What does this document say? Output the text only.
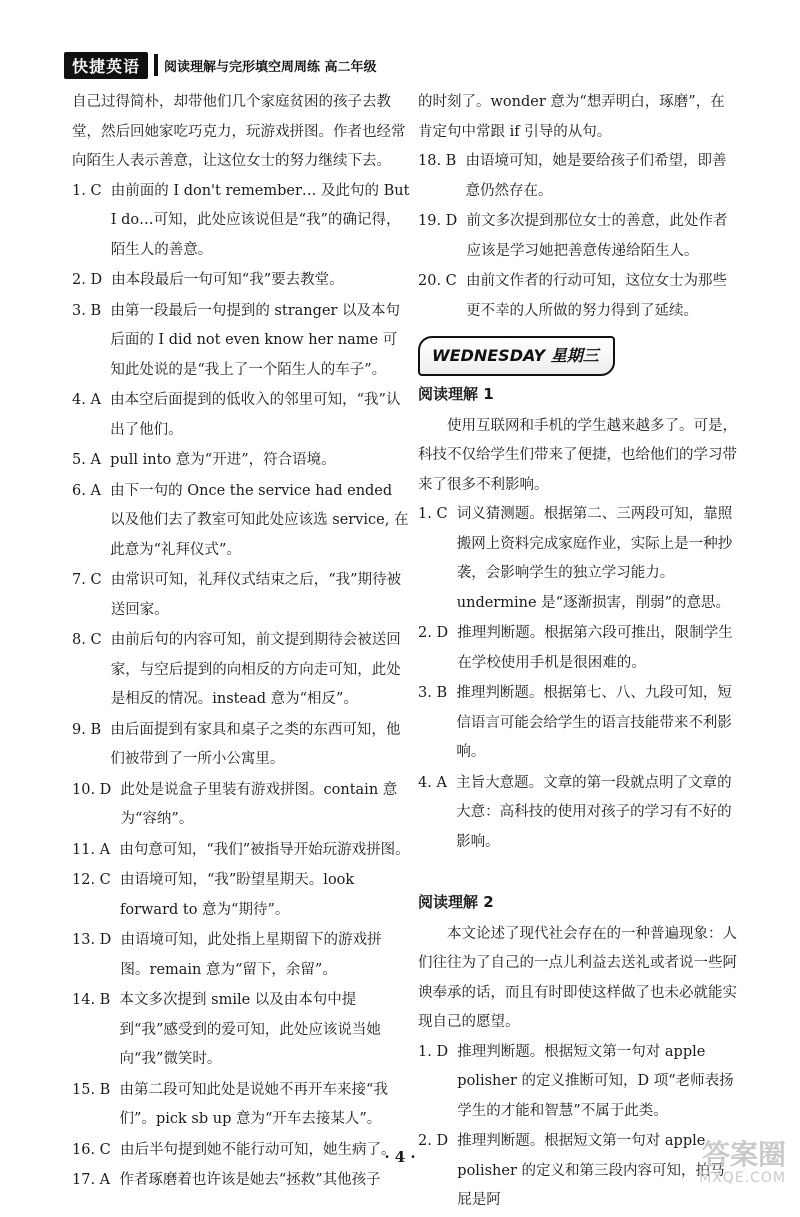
快捷英语	阅读理解与完形填空周周练 高二年级

自己过得简朴，却带他们几个家庭贫困的孩子去教堂，然后回她家吃巧克力，玩游戏拼图。作者也经常向陌生人表示善意，让这位女士的努力继续下去。

1. C
由前面的 I don't remember… 及此句的 But I do…可知，此处应该说但是“我”的确记得，陌生人的善意。
2. D
由本段最后一句可知“我”要去教堂。
3. B
由第一段最后一句提到的 stranger 以及本句后面的 I did not even know her name 可知此处说的是“我上了一个陌生人的车子”。
4. A
由本空后面提到的低收入的邻里可知，“我”认出了他们。
5. A
pull into 意为“开进”，符合语境。
6. A
由下一句的 Once the service had ended 以及他们去了教室可知此处应该选 service, 在此意为“礼拜仪式”。
7. C
由常识可知，礼拜仪式结束之后，“我”期待被送回家。
8. C
由前后句的内容可知，前文提到期待会被送回家，与空后提到的向相反的方向走可知，此处是相反的情况。instead 意为“相反”。
9. B
由后面提到有家具和桌子之类的东西可知，他们被带到了一所小公寓里。
10. D
此处是说盒子里装有游戏拼图。contain 意为“容纳”。
11. A
由句意可知，“我们”被指导开始玩游戏拼图。
12. C
由语境可知，“我”盼望星期天。look forward to 意为“期待”。
13. D
由语境可知，此处指上星期留下的游戏拼图。remain 意为“留下，余留”。
14. B
本文多次提到 smile 以及由本句中提到“我”感受到的爱可知，此处应该说当她向“我”微笑时。
15. B
由第二段可知此处是说她不再开车来接“我们”。pick sb up 意为“开车去接某人”。
16. C
由后半句提到她不能行动可知，她生病了。
17. A
作者琢磨着也许该是她去“拯救”其他孩子

的时刻了。wonder 意为“想弄明白，琢磨”，在肯定句中常跟 if 引导的从句。

18. B
由语境可知，她是要给孩子们希望，即善意仍然存在。
19. D
前文多次提到那位女士的善意，此处作者应该是学习她把善意传递给陌生人。
20. C
由前文作者的行动可知，这位女士为那些更不幸的人所做的努力得到了延续。
WEDNESDAY 星期三
阅读理解 1

使用互联网和手机的学生越来越多了。可是，科技不仅给学生们带来了便捷，也给他们的学习带来了很多不利影响。

1. C
词义猜测题。根据第二、三两段可知，靠照搬网上资料完成家庭作业，实际上是一种抄袭，会影响学生的独立学习能力。undermine 是“逐渐损害，削弱”的意思。
2. D
推理判断题。根据第六段可推出，限制学生在学校使用手机是很困难的。
3. B
推理判断题。根据第七、八、九段可知，短信语言可能会给学生的语言技能带来不利影响。
4. A
主旨大意题。文章的第一段就点明了文章的大意：高科技的使用对孩子的学习有不好的影响。
阅读理解 2

本文论述了现代社会存在的一种普遍现象：人们往往为了自己的一点儿利益去送礼或者说一些阿谀奉承的话，而且有时即使这样做了也未必就能实现自己的愿望。

1. D
推理判断题。根据短文第一句对 apple polisher 的定义推断可知，D 项“老师表扬学生的才能和智慧”不属于此类。
2. D
推理判断题。根据短文第一句对 apple polisher 的定义和第三段内容可知，拍马屁是阿
· 4 ·	答案圈
MXQE.COM
